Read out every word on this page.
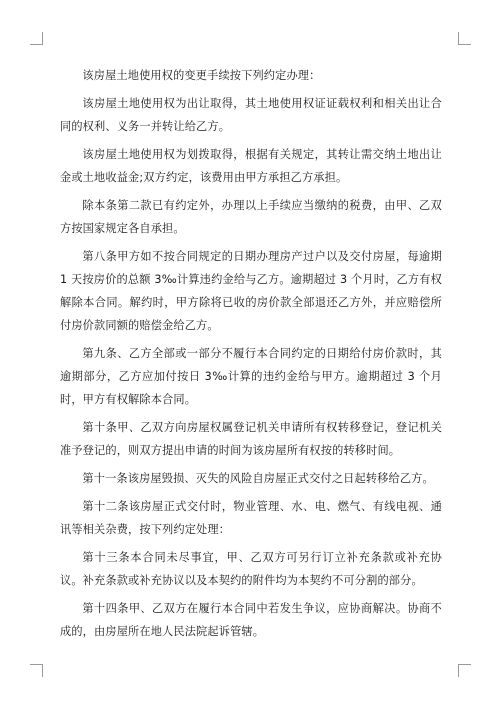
该房屋土地使用权的变更手续按下列约定办理：

该房屋土地使用权为出让取得，其土地使用权证证载权利和相关出让合同的权利、义务一并转让给乙方。

该房屋土地使用权为划拨取得，根据有关规定，其转让需交纳土地出让金或土地收益金;双方约定，该费用由甲方承担乙方承担。

除本条第二款已有约定外，办理以上手续应当缴纳的税费，由甲、乙双方按国家规定各自承担。

第八条甲方如不按合同规定的日期办理房产过户以及交付房屋，每逾期 1 天按房价的总额 3‰计算违约金给与乙方。逾期超过 3 个月时，乙方有权解除本合同。解约时，甲方除将已收的房价款全部退还乙方外，并应赔偿所付房价款同额的赔偿金给乙方。

第九条、乙方全部或一部分不履行本合同约定的日期给付房价款时，其逾期部分，乙方应加付按日 3‰计算的违约金给与甲方。逾期超过 3 个月时，甲方有权解除本合同。

第十条甲、乙双方向房屋权属登记机关申请所有权转移登记，登记机关准予登记的，则双方提出申请的时间为该房屋所有权按的转移时间。

第十一条该房屋毁损、灭失的风险自房屋正式交付之日起转移给乙方。

第十二条该房屋正式交付时，物业管理、水、电、燃气、有线电视、通讯等相关杂费，按下列约定处理：

第十三条本合同未尽事宜，甲、乙双方可另行订立补充条款或补充协议。补充条款或补充协议以及本契约的附件均为本契约不可分割的部分。

第十四条甲、乙双方在履行本合同中若发生争议，应协商解决。协商不成的，由房屋所在地人民法院起诉管辖。
